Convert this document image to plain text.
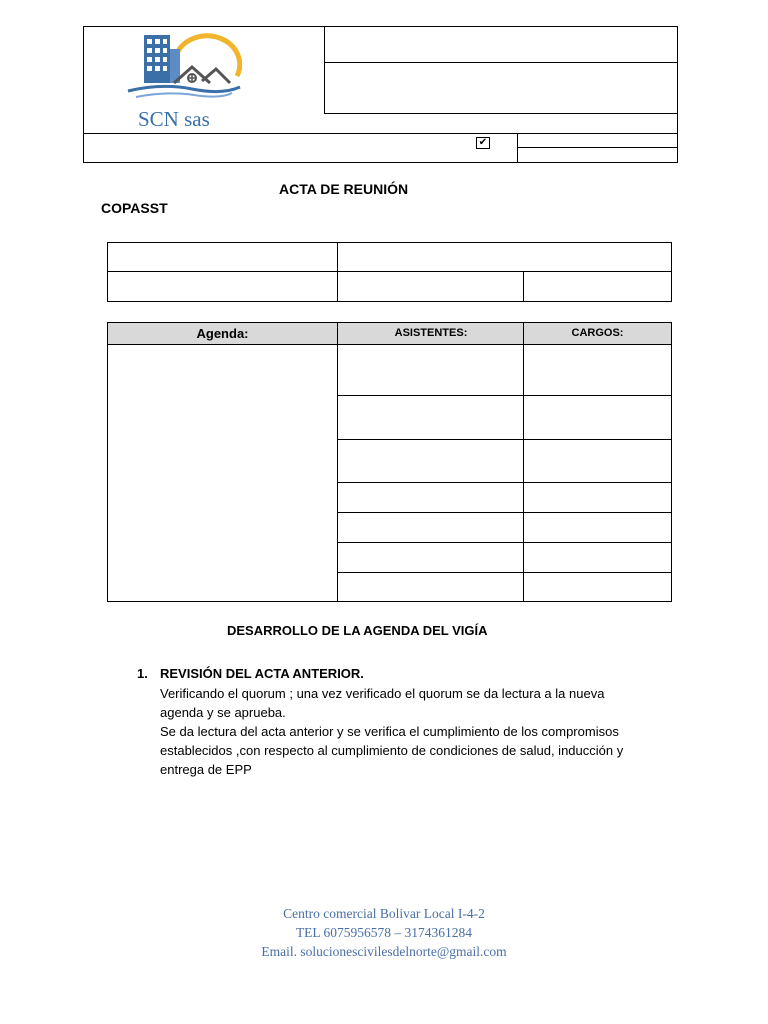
SCN sas
✔
ACTA DE REUNIÓN
COPASST
Agenda:	ASISTENTES:	CARGOS:
DESARROLLO DE LA AGENDA DEL VIGÍA
1. REVISIÓN DEL ACTA ANTERIOR.
Verificando el quorum ; una vez verificado el quorum se da lectura a la nueva
agenda y se aprueba.
Se da lectura del acta anterior y se verifica el cumplimiento de los compromisos
establecidos ,con respecto al cumplimiento de condiciones de salud, inducción y
entrega de EPP
Centro comercial Bolivar Local I-4-2
TEL 6075956578 – 3174361284
Email. solucionescivilesdelnorte@gmail.com
